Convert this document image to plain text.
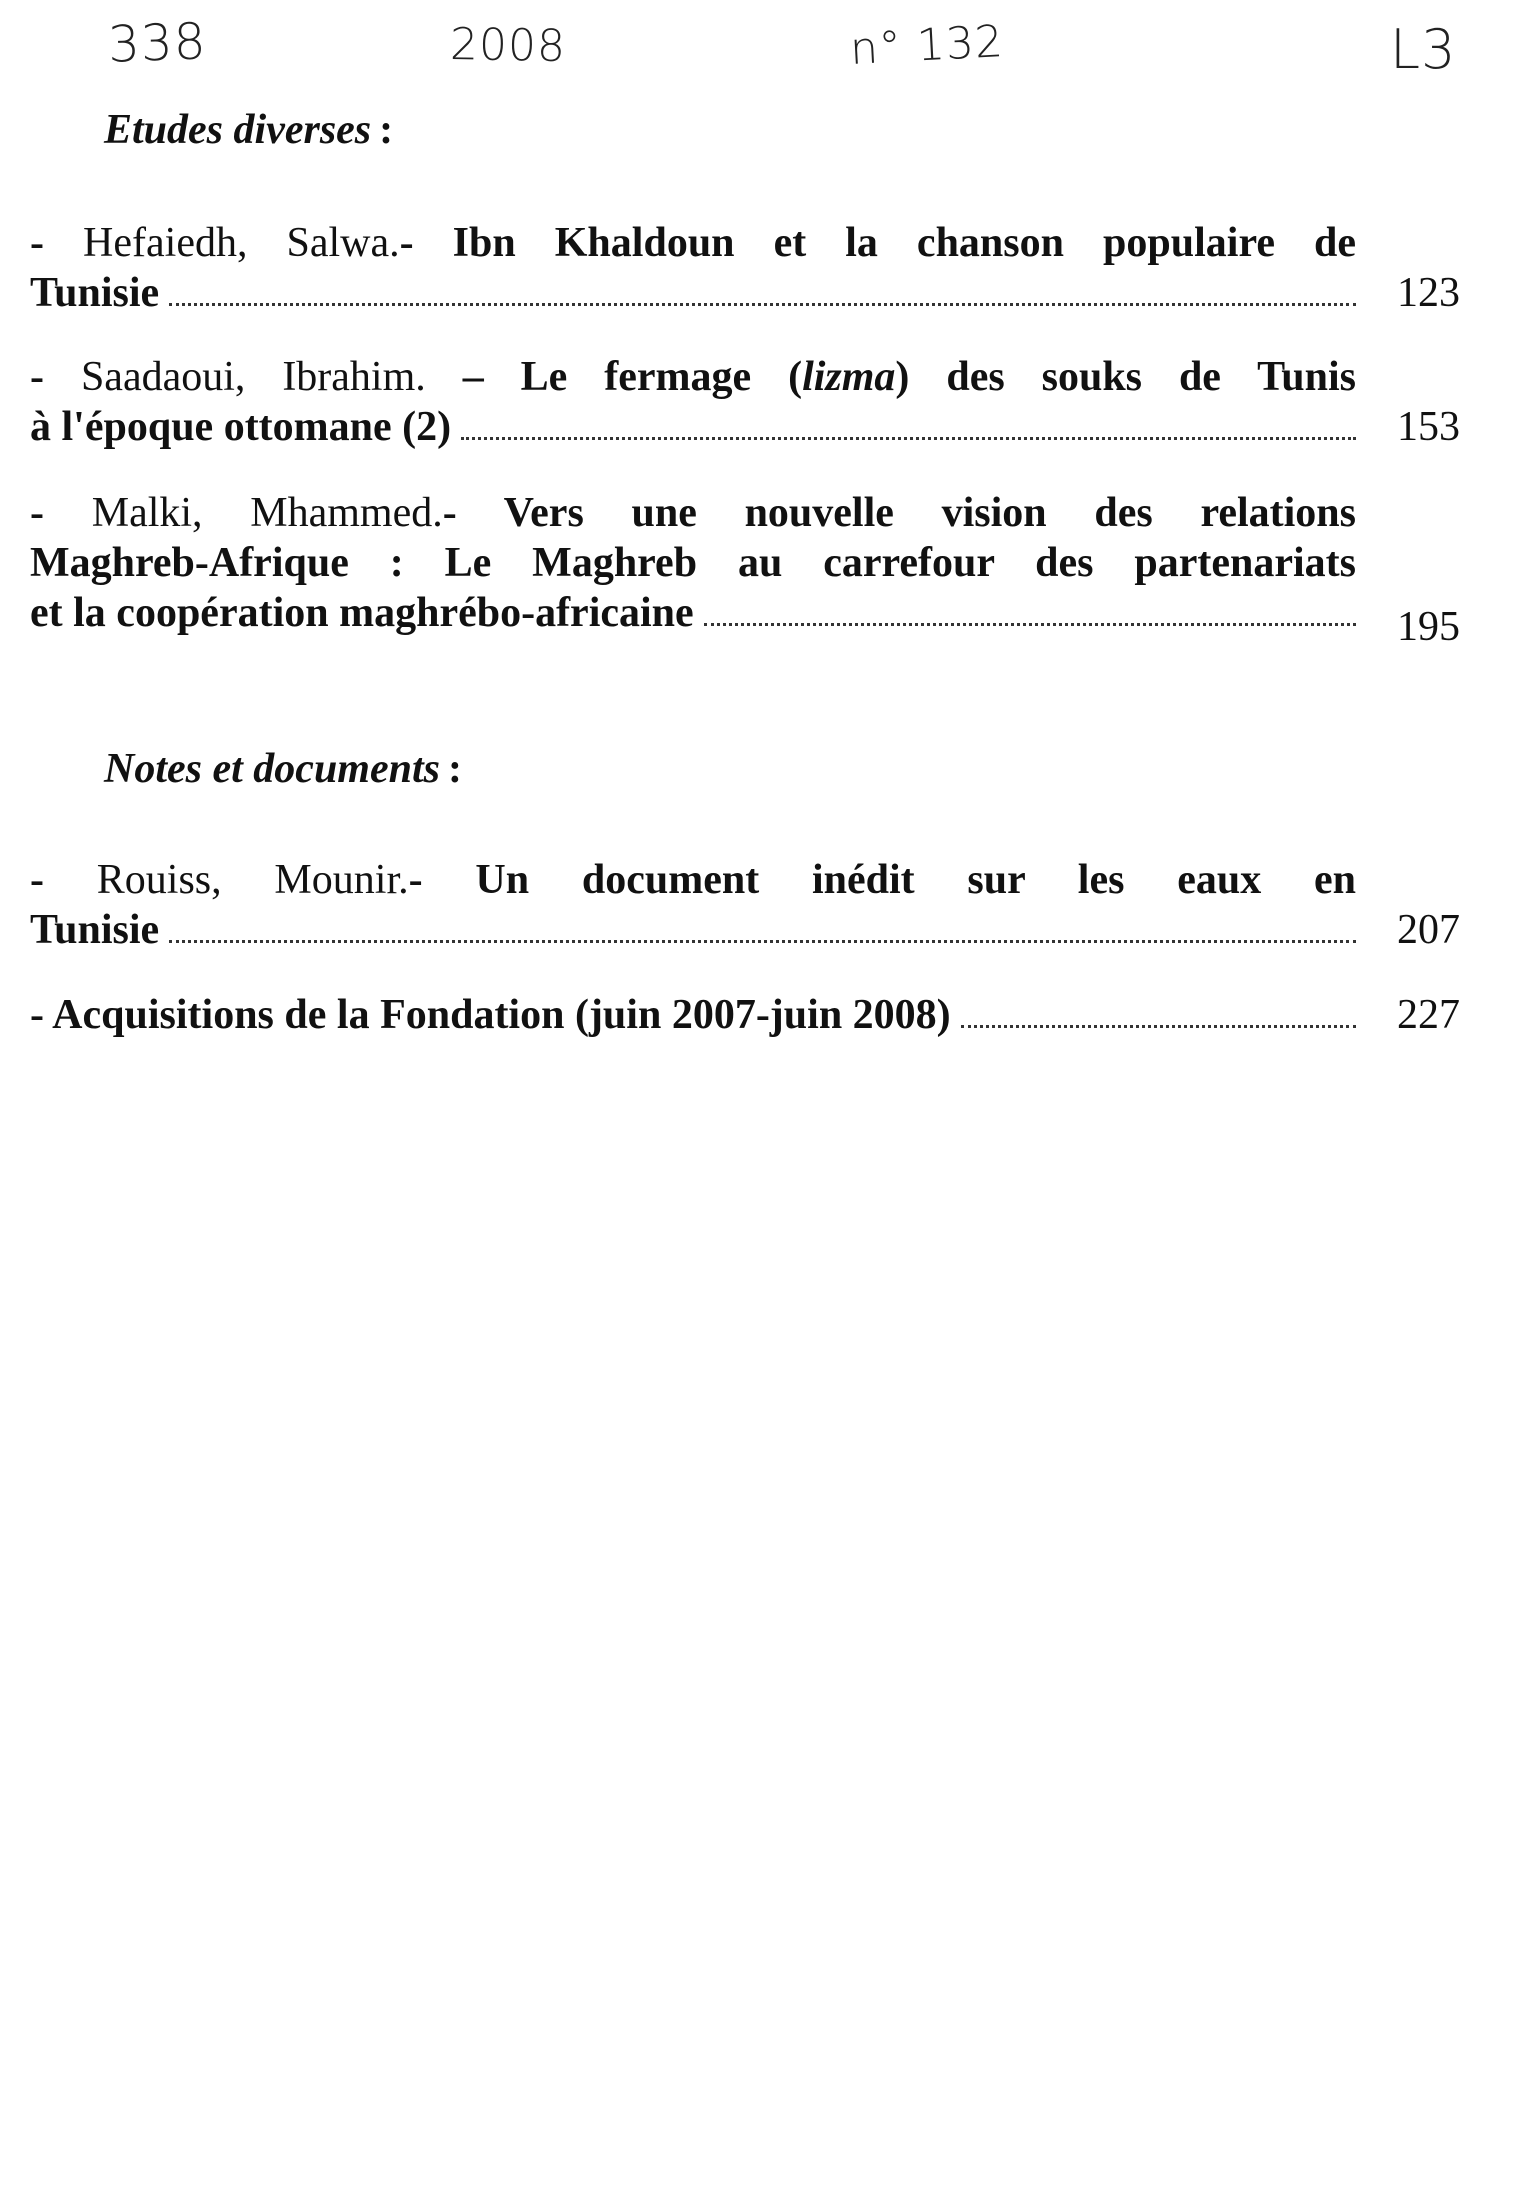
338	2008	n° 132	L3
Etudes diverses :
- Hefaiedh, Salwa.- Ibn Khaldoun et la chanson populaire de
Tunisie	123
- Saadaoui, Ibrahim. – Le fermage (lizma) des souks de Tunis
à l'époque ottomane (2)	153
- Malki, Mhammed.- Vers une nouvelle vision des relations
Maghreb-Afrique : Le Maghreb au carrefour des partenariats
et la coopération maghrébo-africaine	195
Notes et documents :
- Rouiss, Mounir.- Un document inédit sur les eaux en
Tunisie	207
- Acquisitions de la Fondation (juin 2007-juin 2008)	227
